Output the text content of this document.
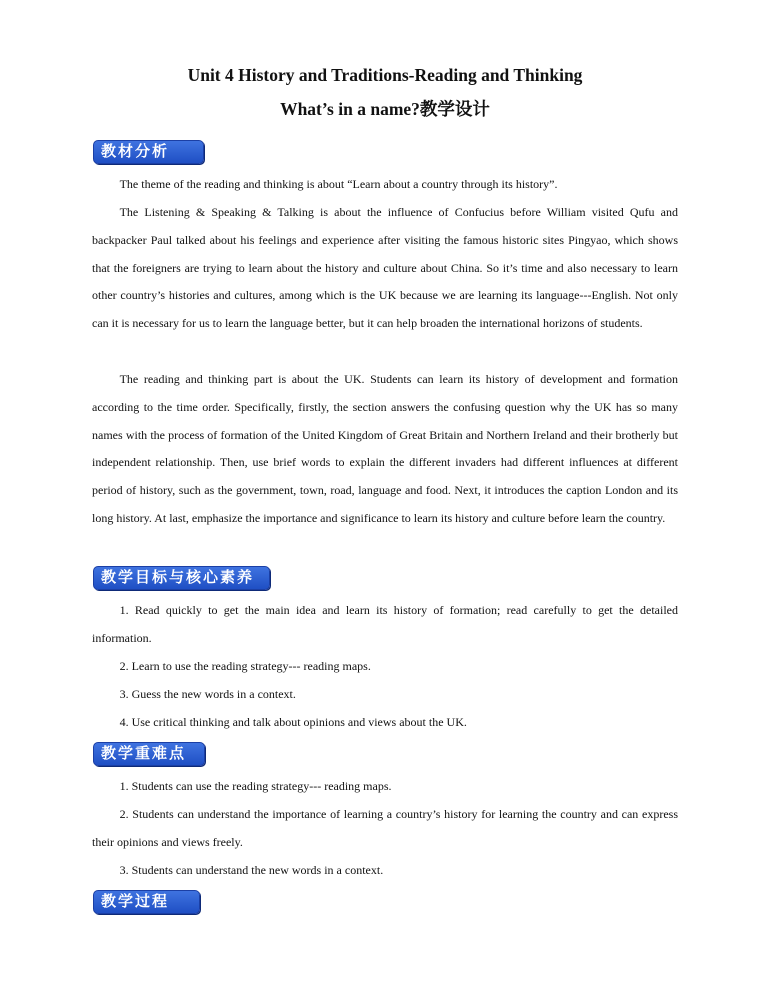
Unit 4 History and Traditions-Reading and Thinking
What’s in a name?教学设计
教材分析

The theme of the reading and thinking is about “Learn about a country through its history”.

The Listening & Speaking & Talking is about the influence of Confucius before William visited Qufu and backpacker Paul talked about his feelings and experience after visiting the famous historic sites Pingyao, which shows that the foreigners are trying to learn about the history and culture about China. So it’s time and also necessary to learn other country’s histories and cultures, among which is the UK because we are learning its language---English. Not only can it is necessary for us to learn the language better, but it can help broaden the international horizons of students.

The reading and thinking part is about the UK. Students can learn its history of development and formation according to the time order. Specifically, firstly, the section answers the confusing question why the UK has so many names with the process of formation of the United Kingdom of Great Britain and Northern Ireland and their brotherly but independent relationship. Then, use brief words to explain the different invaders had different influences at different period of history, such as the government, town, road, language and food. Next, it introduces the caption London and its long history. At last, emphasize the importance and significance to learn its history and culture before learn the country.

教学目标与核心素养

1. Read quickly to get the main idea and learn its history of formation; read carefully to get the detailed information.

2. Learn to use the reading strategy--- reading maps.

3. Guess the new words in a context.

4. Use critical thinking and talk about opinions and views about the UK.

教学重难点

1. Students can use the reading strategy--- reading maps.

2. Students can understand the importance of learning a country’s history for learning the country and can express their opinions and views freely.

3. Students can understand the new words in a context.

教学过程
